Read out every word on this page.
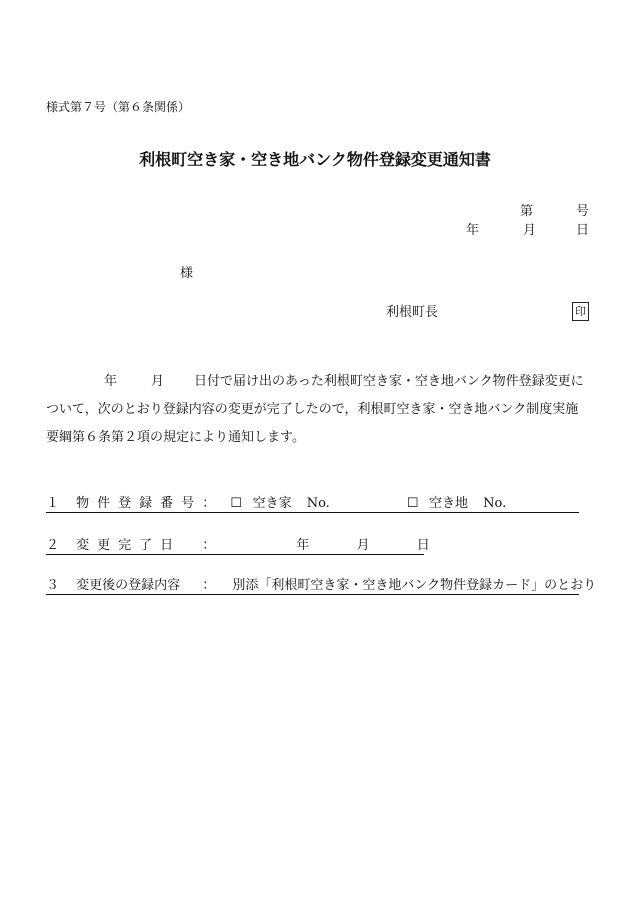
様式第７号（第６条関係）
利根町空き家・空き地バンク物件登録変更通知書
第	号
年	月	日
様
利根町長	印
年	月 日付で届け出のあった利根町空き家・空き地バンク物件登録変更について，次のとおり登録内容の変更が完了したので，利根町空き家・空き地バンク制度実施要綱第６条第２項の規定により通知します。
１ 物件登録番号 ： ☐ 空き家 No.	☐ 空き地 No.
２ 変更完了日 ：	年	月	日
３ 変更後の登録内容 ： 別添「利根町空き家・空き地バンク物件登録カード」のとおり
